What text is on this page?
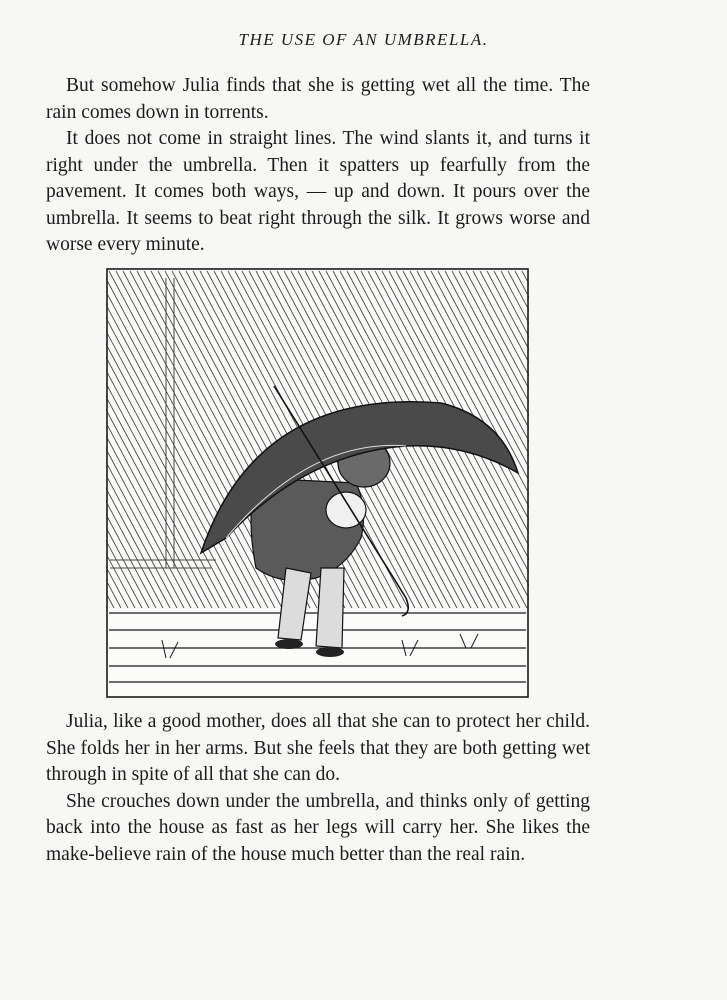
THE USE OF AN UMBRELLA.

But somehow Julia finds that she is getting wet all the time. The rain comes down in torrents.

It does not come in straight lines. The wind slants it, and turns it right under the umbrella. Then it spatters up fearfully from the pavement. It comes both ways, — up and down. It pours over the umbrella. It seems to beat right through the silk. It grows worse and worse every minute.

Julia, like a good mother, does all that she can to protect her child. She folds her in her arms. But she feels that they are both getting wet through in spite of all that she can do.

She crouches down under the umbrella, and thinks only of getting back into the house as fast as her legs will carry her. She likes the make-believe rain of the house much better than the real rain.
